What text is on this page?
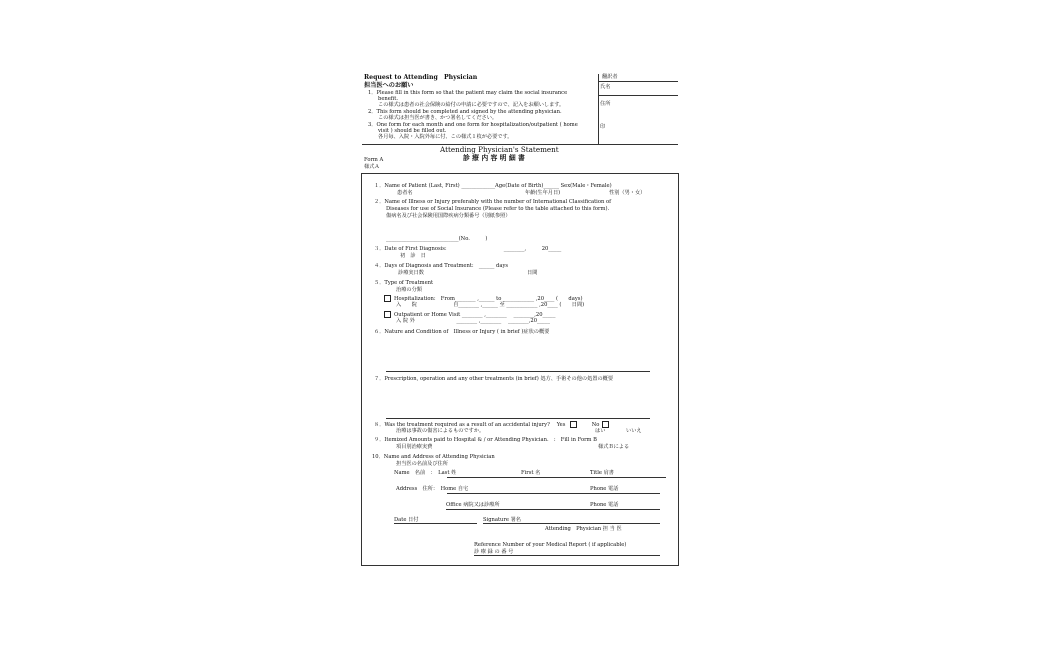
Request to Attending　Physician
担当医へのお願い
1．Please fill in this form so that the patient may claim the social insurance
benefit.
この様式は患者の社会保険の給付の申請に必要ですので、記入をお願いします。
2．This form should be completed and signed by the attending physician.
この様式は担当医が書き、かつ署名してください。
3．One form for each month and one form for hospitalization/outpatient ( home
visit ) should be filled out.
各月毎、入院・入院外毎に付、この様式１枚が必要です。
翻訳者
氏名
住所
印
Attending Physician's Statement
診 療 内 容 明 細 書
Form A
様式Ａ
１．Name of Patient (Last, First) _____________Age(Date of Birth)______ Sex(Male・Female)
患者名	年齢(生年月日)	性別（男・女）
２．Name of Illness or Injury preferably with the number of International Classification of
Diseases for use of Social Insurance (Please refer to the table attached to this form).
傷病名及び社会保険用国際疾病分類番号（別紙参照）
____________________________(No.　　　)
３．Date of First Diagnosis:　　　　　　　　　　　________,　　　20_____
初　診　日
４．Days of Diagnosis and Treatment:　______ days
診療実日数	日間
５．Type of Treatment
治療の分類
Hospitalization:　From________ ,______ to ____________ ,20____ (　　days)
入　　院　　　　　　　自________ ,______ 至 ____________ ,20____ (　　日間)
Outpatient or Home Visit ________ ,________　 ________,20_____
入 院 外　　　　　　　　________ ,________　 ________,20_____
６．Nature and Condition of　Illness or Injury ( in brief )症状の概要
７．Prescription, operation and any other treatments (in brief) 処方、手術その他の処置の概要
８．Was the treatment required as a result of an accidental injury?　 Yes	No
治療は事故の傷害によるものですか。	はい	いいえ
９．Itemized Amounts paid to Hospital & / or Attending Physician.　:　Fill in Form B
項目別治療実費	様式Ｂによる
10．Name and Address of Attending Physician
担当医の名前及び住所
Name　名前　：　Last 姓	First 名	Title 肩書
Address　住所：　Home 自宅	Phone 電話
Office 病院又は診療所	Phone 電話
Date 日付	Signature 署名
Attending　Physician 担 当 医
Reference Number of your Medical Report ( if applicable)
診 療 録 の 番 号
